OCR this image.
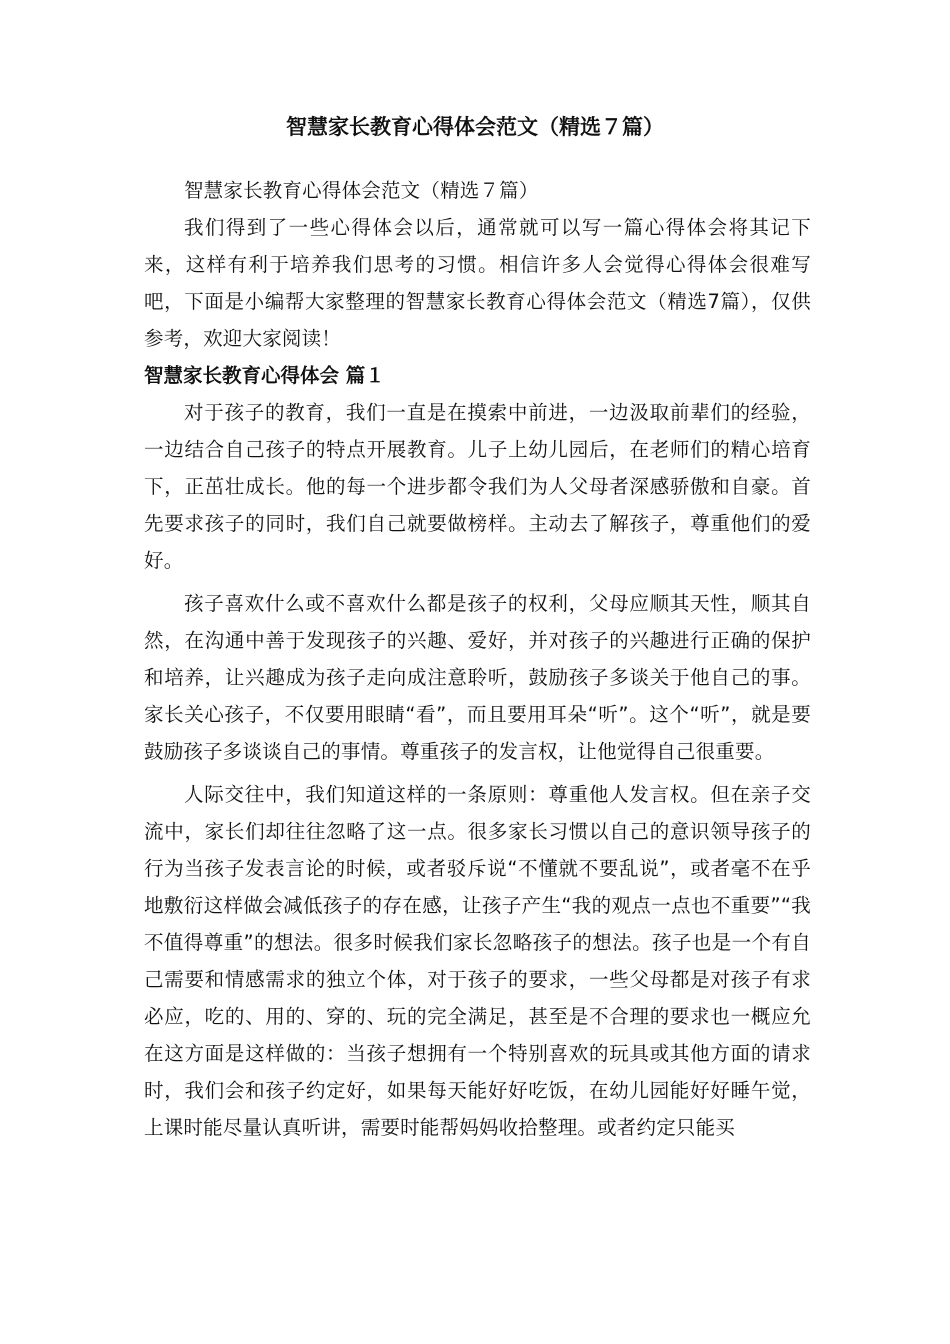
智慧家长教育心得体会范文（精选７篇）

智慧家长教育心得体会范文（精选７篇）

我们得到了一些心得体会以后，通常就可以写一篇心得体会将其记下来，这样有利于培养我们思考的习惯。相信许多人会觉得心得体会很难写吧，下面是小编帮大家整理的智慧家长教育心得体会范文（精选7篇），仅供参考，欢迎大家阅读！

智慧家长教育心得体会 篇１

对于孩子的教育，我们一直是在摸索中前进，一边汲取前辈们的经验，一边结合自己孩子的特点开展教育。儿子上幼儿园后，在老师们的精心培育下，正茁壮成长。他的每一个进步都令我们为人父母者深感骄傲和自豪。首先要求孩子的同时，我们自己就要做榜样。主动去了解孩子，尊重他们的爱好。

孩子喜欢什么或不喜欢什么都是孩子的权利，父母应顺其天性，顺其自然，在沟通中善于发现孩子的兴趣、爱好，并对孩子的兴趣进行正确的保护和培养，让兴趣成为孩子走向成注意聆听，鼓励孩子多谈关于他自己的事。家长关心孩子，不仅要用眼睛“看”，而且要用耳朵“听”。这个“听”，就是要鼓励孩子多谈谈自己的事情。尊重孩子的发言权，让他觉得自己很重要。

人际交往中，我们知道这样的一条原则：尊重他人发言权。但在亲子交流中，家长们却往往忽略了这一点。很多家长习惯以自己的意识领导孩子的行为当孩子发表言论的时候，或者驳斥说“不懂就不要乱说”，或者毫不在乎地敷衍这样做会减低孩子的存在感，让孩子产生“我的观点一点也不重要”“我不值得尊重”的想法。很多时候我们家长忽略孩子的想法。孩子也是一个有自己需要和情感需求的独立个体，对于孩子的要求，一些父母都是对孩子有求必应，吃的、用的、穿的、玩的完全满足，甚至是不合理的要求也一概应允在这方面是这样做的：当孩子想拥有一个特别喜欢的玩具或其他方面的请求时，我们会和孩子约定好，如果每天能好好吃饭，在幼儿园能好好睡午觉，上课时能尽量认真听讲，需要时能帮妈妈收拾整理。或者约定只能买
